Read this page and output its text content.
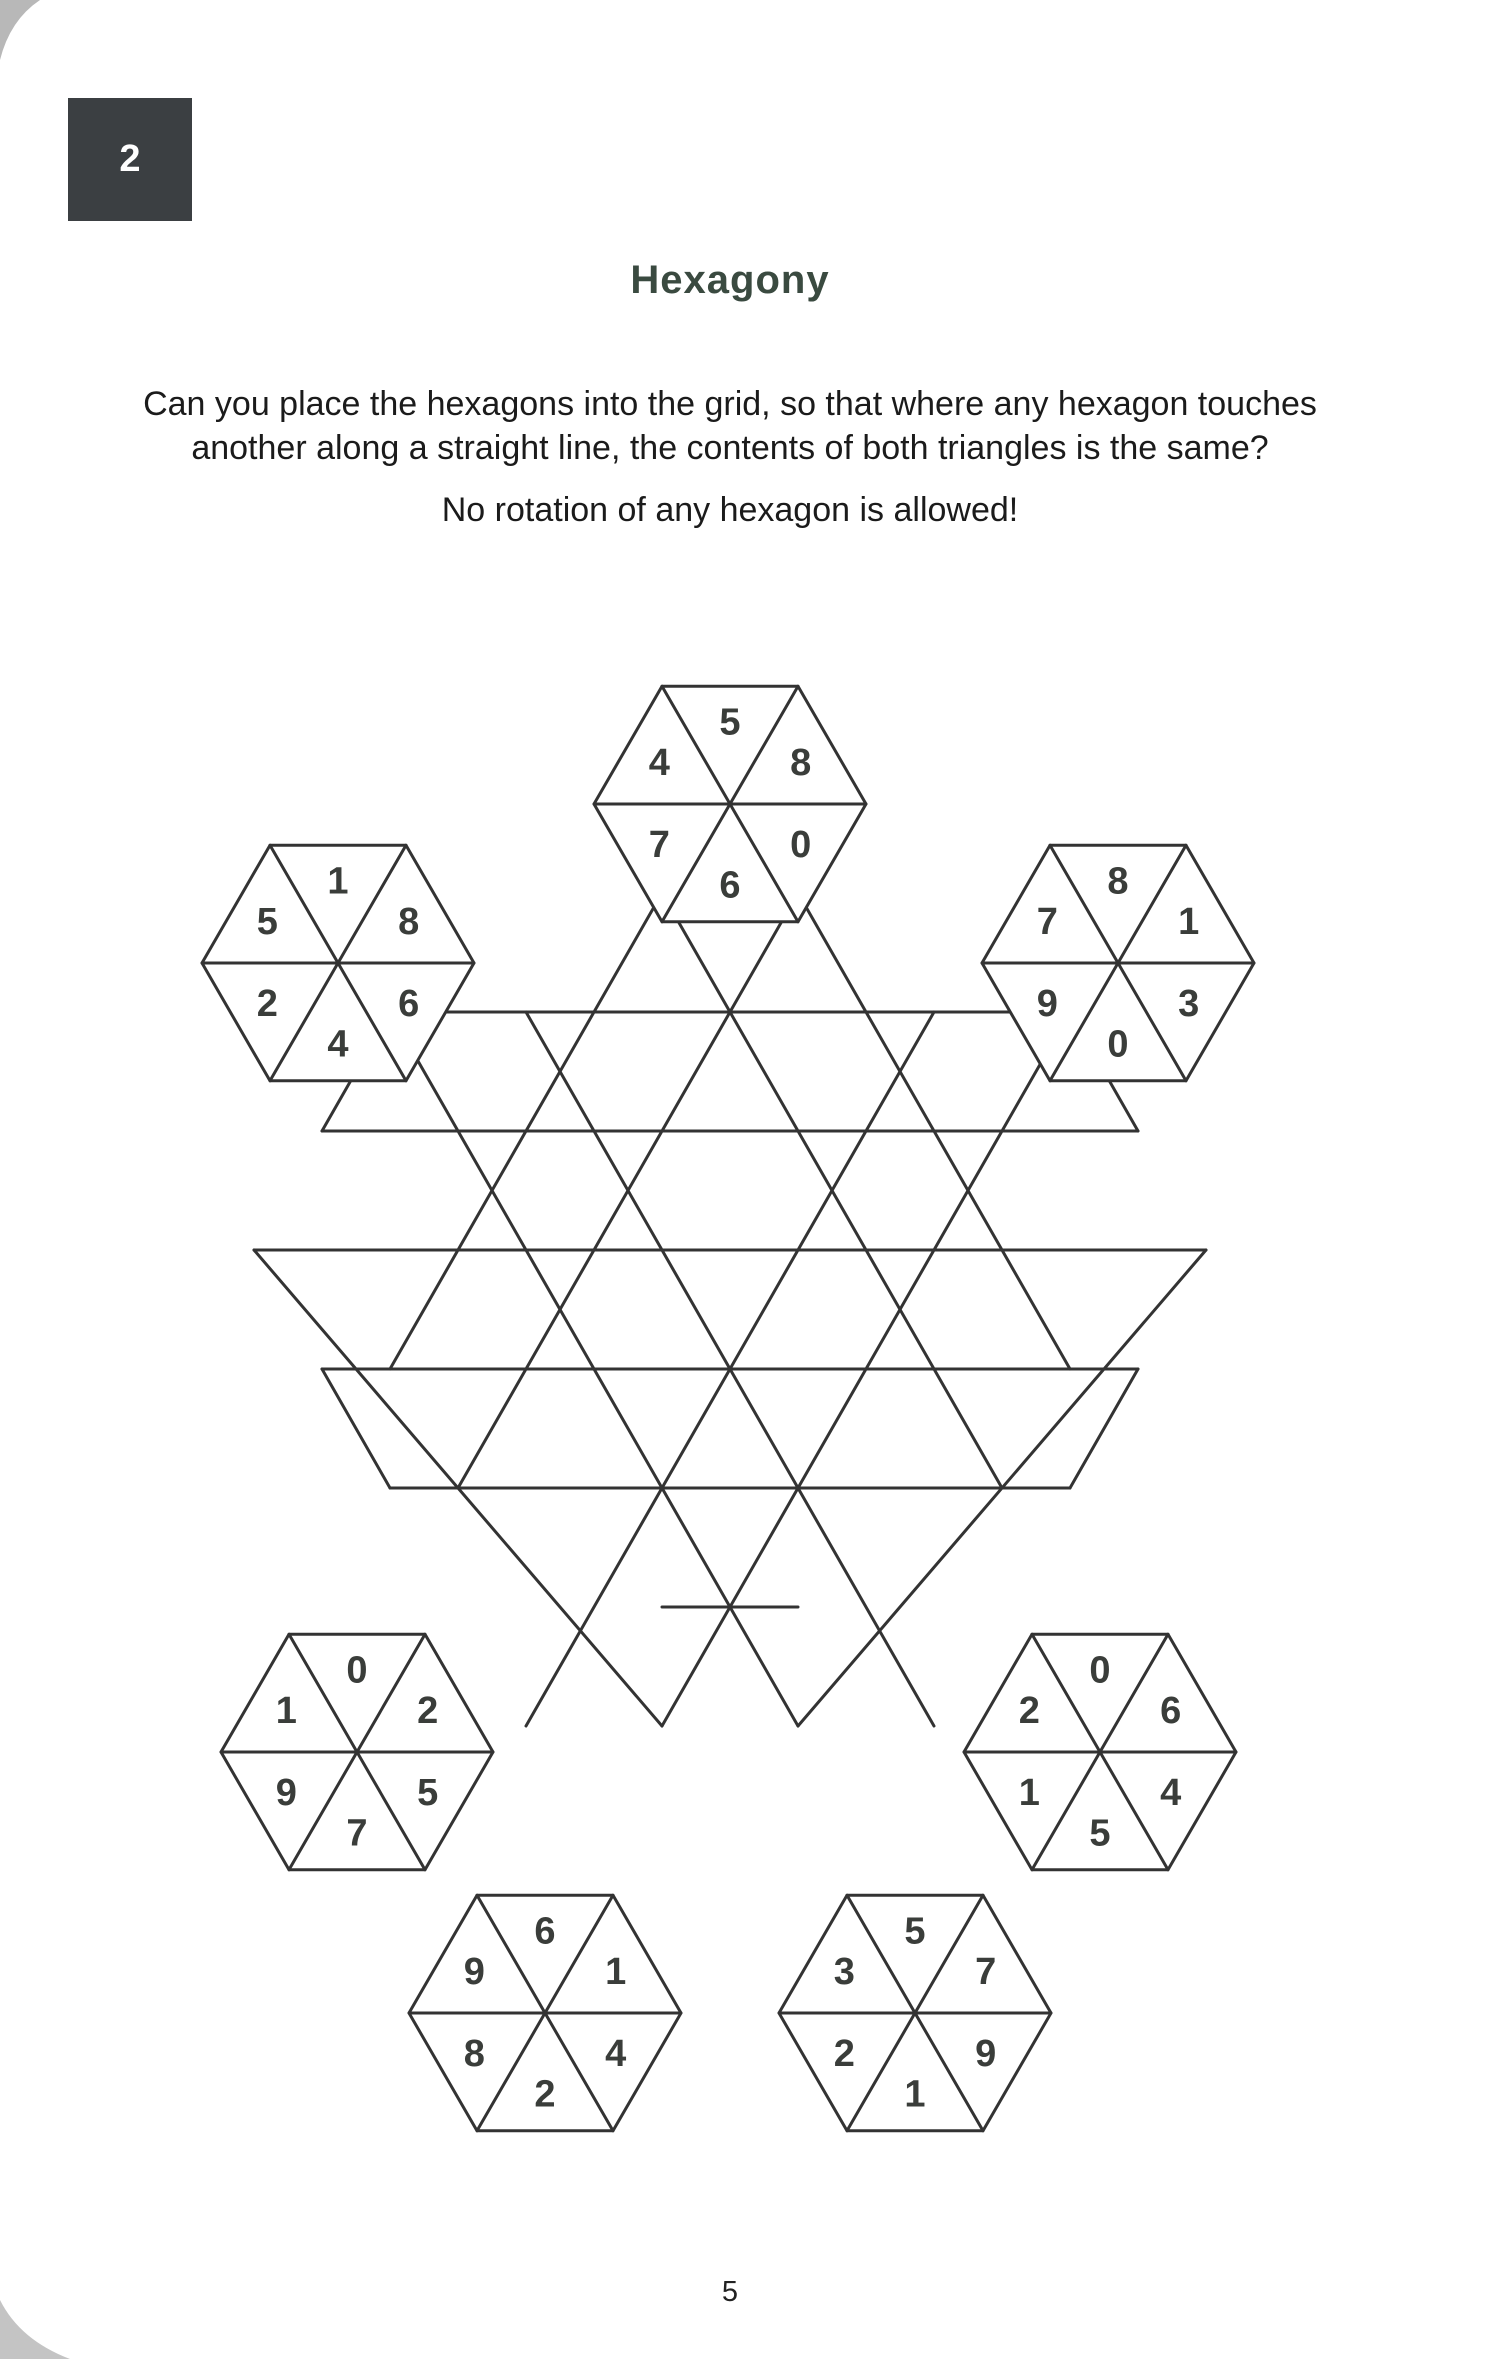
2
Hexagony
Can you place the hexagons into the grid, so that where any hexagon touches
another along a straight line, the contents of both triangles is the same?
No rotation of any hexagon is allowed!
5
8
0
6
7
4
1
8
6
4
2
5
8
1
3
0
9
7
0
2
5
7
9
1
0
6
4
5
1
2
6
1
4
2
8
9
5
7
9
1
2
3
5
